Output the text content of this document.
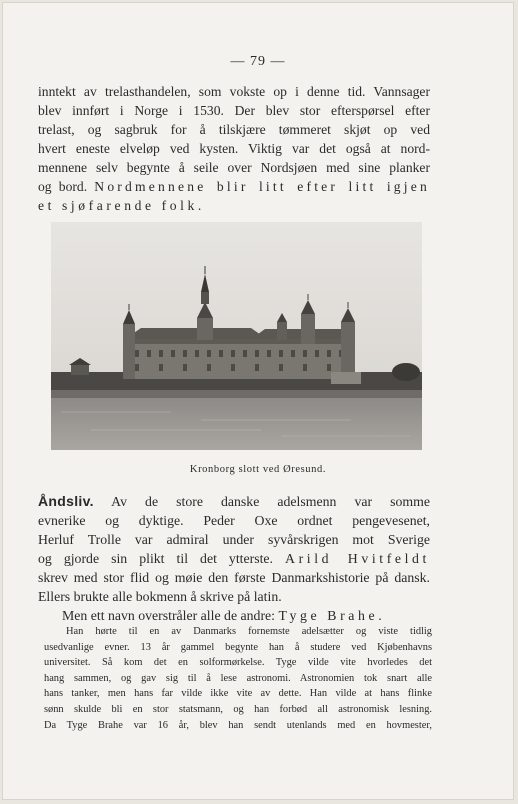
— 79 —
inntekt av trelasthandelen, som vokste op i denne tid. Vannsager
blev innført i Norge i 1530. Der blev stor efterspørsel efter
trelast, og sagbruk for å tilskjære tømmeret skjøt op ved
hvert eneste elveløp ved kysten. Viktig var det også at nord-
mennene selv begynte å seile over Nordsjøen med sine planker
og bord. Nordmennene blir litt efter litt igjen
et sjøfarende folk.
Kronborg slott ved Øresund.
Åndsliv. Av de store danske adelsmenn var somme
evnerike og dyktige. Peder Oxe ordnet pengevesenet,
Herluf Trolle var admiral under syvårskrigen mot Sverige
og gjorde sin plikt til det ytterste. Arild Hvitfeldt
skrev med stor flid og møie den første Danmarkshistorie på dansk.
Ellers brukte alle bokmenn å skrive på latin.
Men ett navn overstråler alle de andre: Tyge Brahe.
Han hørte til en av Danmarks fornemste adelsætter og viste tidlig
usedvanlige evner. 13 år gammel begynte han å studere ved Kjøbenhavns
universitet. Så kom det en solformørkelse. Tyge vilde vite hvorledes det
hang sammen, og gav sig til å lese astronomi. Astronomien tok snart alle
hans tanker, men hans far vilde ikke vite av dette. Han vilde at hans flinke
sønn skulde bli en stor statsmann, og han forbød all astronomisk lesning.
Da Tyge Brahe var 16 år, blev han sendt utenlands med en hovmester,
